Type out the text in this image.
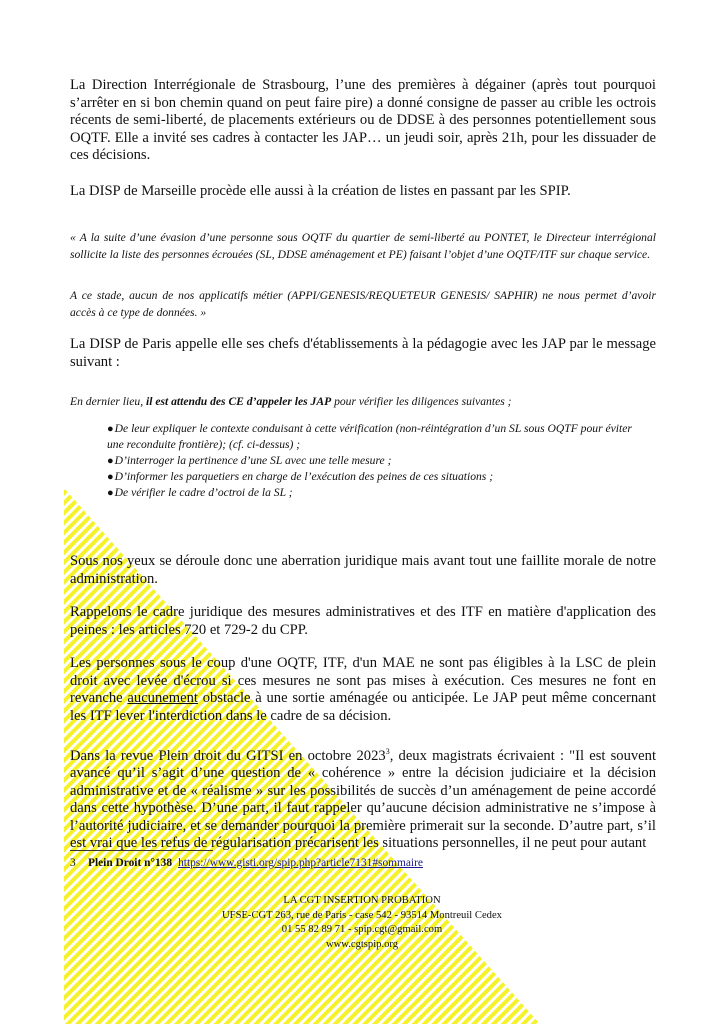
La Direction Interrégionale de Strasbourg, l’une des premières à dégainer (après tout pourquoi s’arrêter en si bon chemin quand on peut faire pire) a donné consigne de passer au crible les octrois récents de semi-liberté, de placements extérieurs ou de DDSE à des personnes potentiellement sous OQTF. Elle a invité ses cadres à contacter les JAP… un jeudi soir, après 21h, pour les dissuader de ces décisions.

La DISP de Marseille procède elle aussi à la création de listes en passant par les SPIP.

« A la suite d’une évasion d’une personne sous OQTF du quartier de semi-liberté au PONTET, le Directeur interrégional sollicite la liste des personnes écrouées (SL, DDSE aménagement et PE) faisant l’objet d’une OQTF/ITF sur chaque service.

A ce stade, aucun de nos applicatifs métier (APPI/GENESIS/REQUETEUR GENESIS/ SAPHIR) ne nous permet d’avoir accès à ce type de données. »

La DISP de Paris appelle elle ses chefs d'établissements à la pédagogie avec les JAP par le message suivant :

En dernier lieu, il est attendu des CE d’appeler les JAP pour vérifier les diligences suivantes ;

●De leur expliquer le contexte conduisant à cette vérification (non-réintégration d’un SL sous OQTF pour éviter une reconduite frontière); (cf. ci-dessus) ;
●D’interroger la pertinence d’une SL avec une telle mesure ;
●D’informer les parquetiers en charge de l’exécution des peines de ces situations ;
●De vérifier le cadre d’octroi de la SL ;

Sous nos yeux se déroule donc une aberration juridique mais avant tout une faillite morale de notre administration.

Rappelons le cadre juridique des mesures administratives et des ITF en matière d'application des peines : les articles 720 et 729-2 du CPP.

Les personnes sous le coup d'une OQTF, ITF, d'un MAE ne sont pas éligibles à la LSC de plein droit avec levée d'écrou si ces mesures ne sont pas mises à exécution. Ces mesures ne font en revanche aucunement obstacle à une sortie aménagée ou anticipée. Le JAP peut même concernant les ITF lever l'interdiction dans le cadre de sa décision.

Dans la revue Plein droit du GITSI en octobre 2023$^3$, deux magistrats écrivaient : "Il est souvent avancé qu’il s’agit d’une question de « cohérence » entre la décision judiciaire et la décision administrative et de « réalisme » sur les possibilités de succès d’un aménagement de peine accordé dans cette hypothèse. D’une part, il faut rappeler qu’aucune décision administrative ne s’impose à l’autorité judiciaire, et se demander pourquoi la première primerait sur la seconde. D’autre part, s’il est vrai que les refus de régularisation précarisent les situations personnelles, il ne peut pour autant

3 Plein Droit n°138 https://www.gisti.org/spip.php?article7131#sommaire
LA CGT INSERTION PROBATION
UFSE-CGT 263, rue de Paris - case 542 - 93514 Montreuil Cedex
01 55 82 89 71 - spip.cgt@gmail.com
www.cgtspip.org
